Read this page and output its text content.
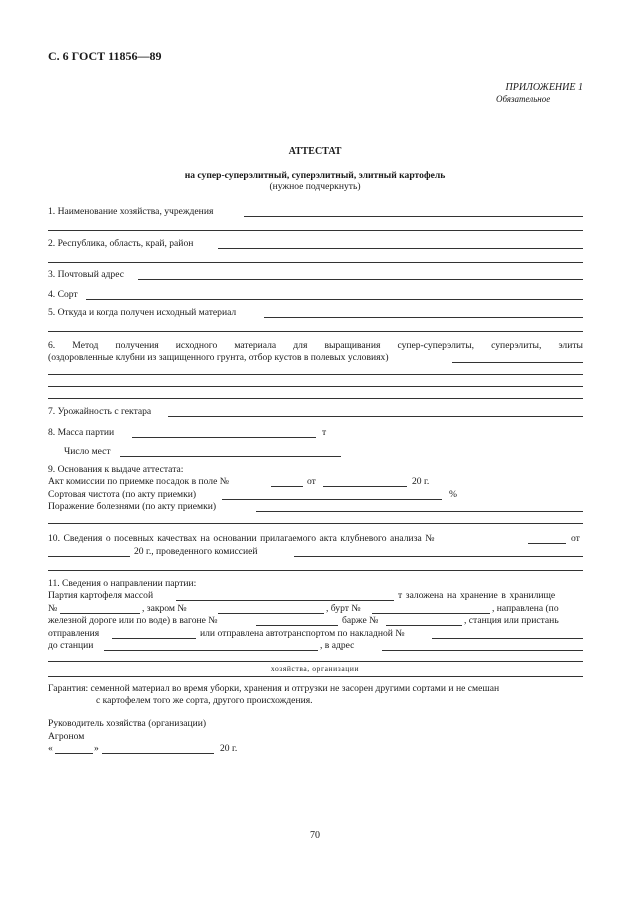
С. 6 ГОСТ 11856—89
ПРИЛОЖЕНИЕ 1
Обязательное
АТТЕСТАТ
на супер-суперэлитный, суперэлитный, элитный картофель
(нужное подчеркнуть)
1. Наименование хозяйства, учреждения
2. Республика, область, край, район
3. Почтовый адрес
4. Сорт
5. Откуда и когда получен исходный материал
6. Метод получения исходного материала для выращивания супер-суперэлиты, суперэлиты, элиты
(оздоровленные клубни из защищенного грунта, отбор кустов в полевых условиях)
7. Урожайность с гектара
8. Масса партии	т
Число мест
9. Основания к выдаче аттестата:
Акт комиссии по приемке посадок в поле №	от	20 г.
Сортовая чистота (по акту приемки)	%
Поражение болезнями (по акту приемки)
10. Сведения о посевных качествах на основании прилагаемого акта клубневого анализа №	от
20 г., проведенного комиссией
11. Сведения о направлении партии:
Партия картофеля массой	т заложена на хранение в хранилище
№	, закром №	, бурт №	, направлена (по
железной дороге или по воде) в вагоне №	барже №	, станция или пристань
отправления	или отправлена автотранспортом по накладной №
до станции	, в адрес
хозяйства, организации
Гарантия: семенной материал во время уборки, хранения и отгрузки не засорен другими сортами и не смешан
с картофелем того же сорта, другого происхождения.
Руководитель хозяйства (организации)
Агроном
«	»	20 г.
70
